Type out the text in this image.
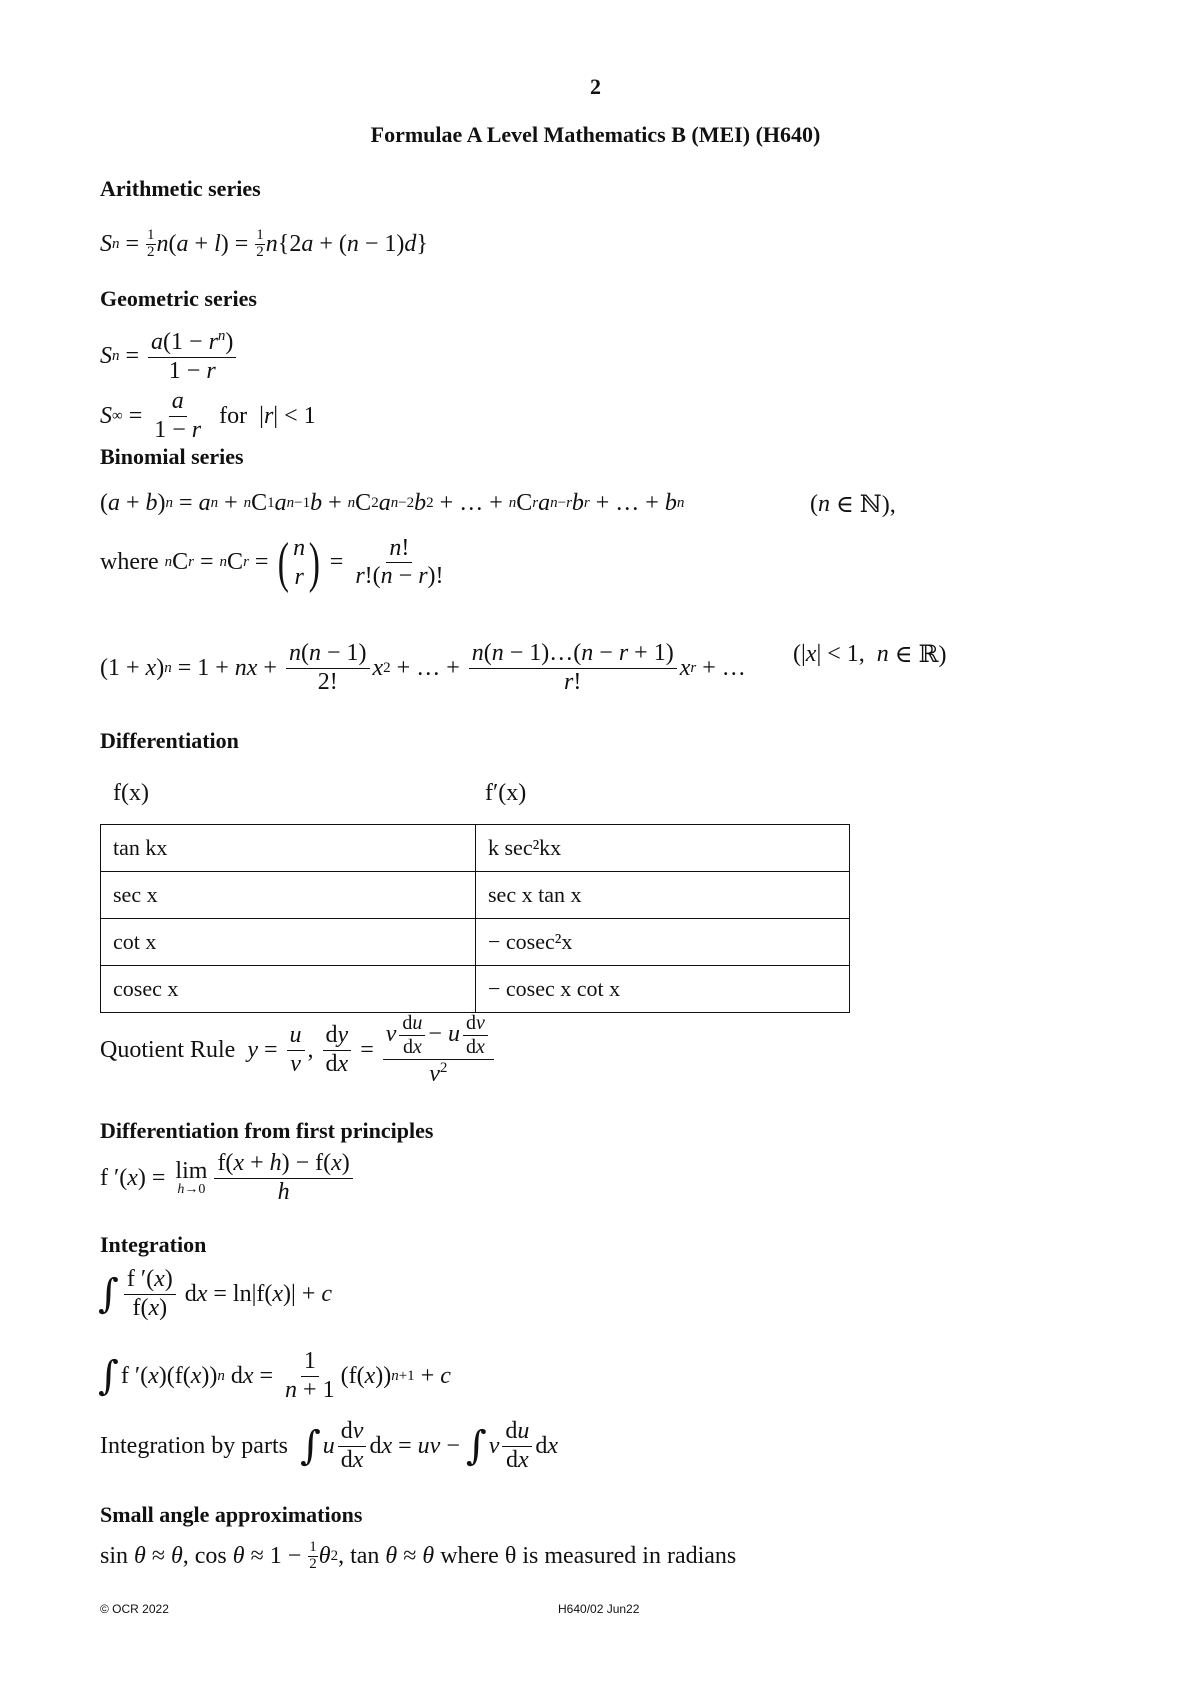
2
Formulae A Level Mathematics B (MEI) (H640)
Arithmetic series
S $n = \frac{1}{2}$ n ( a + l ) = $\frac{1}{2}$ n {2 a + ( n − 1) d }
Geometric series
S $n = \frac{a(1 - r^n)}{1 - r}$
S ∞ = $\frac{a}{1 - r}$
for | r | < 1
Binomial series
( a + b ) n = a n + n C 1 a n−1 b + n C 2 a n−2 b 2 + … + n C r a n−r b r + … + b n	( n ∈ ℕ),
where
n C r = n C r = ( n
r ) = $\frac{n!}{r!(n - r)!}$
(1 + x ) n = 1 + nx + $\frac{n(n - 1)}{2!}$ x 2 + … + $\frac{n(n - 1)\dots(n - r + 1)}{r!}$ x r + …
(| x | < 1, n ∈ ℝ)
Differentiation
f(x)	f′(x)
tan kx	k sec²kx
sec x	sec x tan x
cot x	− cosec²x
cosec x	− cosec x cot x
Quotient Rule
$y = \frac{u}{v}$ , $\frac{dy}{dx} = \frac{v \frac{du}{dx} - u \frac{dv}{dx}}{v^2}$
Differentiation from first principles
f ′( x ) = lim
$h\to 0 \frac{f(x + h) - f(x)}{h}$
Integration
∫ $\frac{f '(x)}{f(x)}$ d x = ln|f( x )| + c
∫ f ′( x )(f( x )) n d $x = \frac{1}{n + 1} (f$( x )) n+1 + c
Integration by parts
∫ u $\frac{dv}{dx}$ d x = uv − ∫ v $\frac{du}{dx}$ d x
Small angle approximations
sin θ ≈ θ , $\cos \theta \approx 1 - \frac{1}{2}$ θ 2 , tan θ ≈ θ
where θ is measured in radians
© OCR 2022	H640/02 Jun22
